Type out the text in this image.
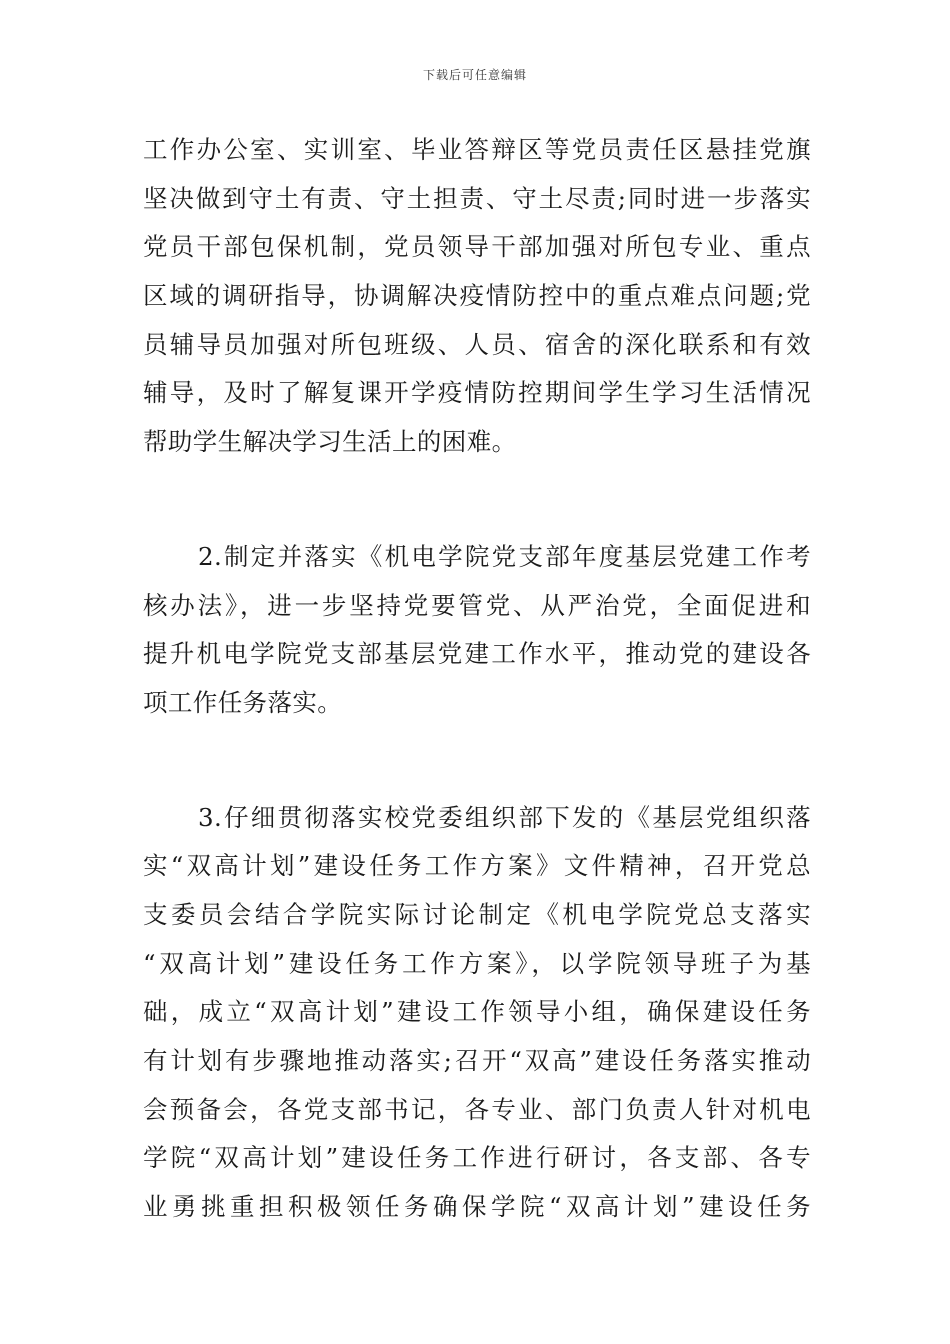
下载后可任意编辑
工作办公室、实训室、毕业答辩区等党员责任区悬挂党旗
坚决做到守土有责、守土担责、守土尽责;同时进一步落实
党员干部包保机制，党员领导干部加强对所包专业、重点
区域的调研指导，协调解决疫情防控中的重点难点问题;党
员辅导员加强对所包班级、人员、宿舍的深化联系和有效
辅导，及时了解复课开学疫情防控期间学生学习生活情况
帮助学生解决学习生活上的困难。
2.制定并落实《机电学院党支部年度基层党建工作考
核办法》，进一步坚持党要管党、从严治党，全面促进和
提升机电学院党支部基层党建工作水平，推动党的建设各
项工作任务落实。
3.仔细贯彻落实校党委组织部下发的《基层党组织落
实“双高计划”建设任务工作方案》文件精神，召开党总
支委员会结合学院实际讨论制定《机电学院党总支落实
“双高计划”建设任务工作方案》，以学院领导班子为基
础，成立“双高计划”建设工作领导小组，确保建设任务
有计划有步骤地推动落实;召开“双高”建设任务落实推动
会预备会，各党支部书记，各专业、部门负责人针对机电
学院“双高计划”建设任务工作进行研讨，各支部、各专
业勇挑重担积极领任务确保学院“双高计划”建设任务
